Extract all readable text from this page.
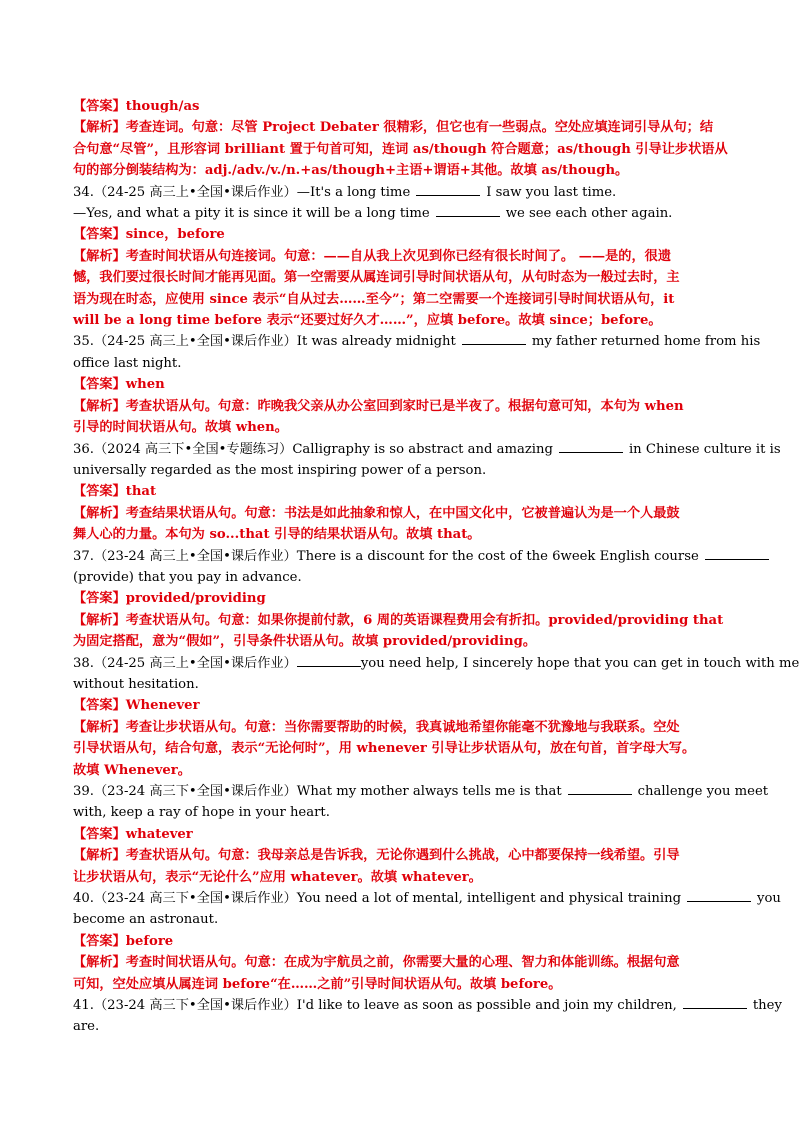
【答案】though/as
【解析】考查连词。句意：尽管 Project Debater 很精彩，但它也有一些弱点。空处应填连词引导从句；结
合句意“尽管”，且形容词 brilliant 置于句首可知，连词 as/though 符合题意；as/though 引导让步状语从
句的部分倒装结构为：adj./adv./v./n.+as/though+主语+谓语+其他。故填 as/though。
34.（24-25 高三上•全国•课后作业）—It's a long time	I saw you last time.
—Yes, and what a pity it is since it will be a long time	we see each other again.
【答案】since，before
【解析】考查时间状语从句连接词。句意：——自从我上次见到你已经有很长时间了。 ——是的，很遗
憾，我们要过很长时间才能再见面。第一空需要从属连词引导时间状语从句，从句时态为一般过去时，主
语为现在时态，应使用 since 表示“自从过去……至今”；第二空需要一个连接词引导时间状语从句，it
will be a long time before 表示“还要过好久才……”，应填 before。故填 since；before。
35.（24-25 高三上•全国•课后作业）It was already midnight	my father returned home from his
office last night.
【答案】when
【解析】考查状语从句。句意：昨晚我父亲从办公室回到家时已是半夜了。根据句意可知，本句为 when
引导的时间状语从句。故填 when。
36.（2024 高三下•全国•专题练习）Calligraphy is so abstract and amazing	in Chinese culture it is
universally regarded as the most inspiring power of a person.
【答案】that
【解析】考查结果状语从句。句意：书法是如此抽象和惊人，在中国文化中，它被普遍认为是一个人最鼓
舞人心的力量。本句为 so...that 引导的结果状语从句。故填 that。
37.（23-24 高三上•全国•课后作业）There is a discount for the cost of the 6week English course
(provide) that you pay in advance.
【答案】provided/providing
【解析】考查状语从句。句意：如果你提前付款，6 周的英语课程费用会有折扣。provided/providing that
为固定搭配，意为“假如”，引导条件状语从句。故填 provided/providing。
38.（24-25 高三上•全国•课后作业）	you need help, I sincerely hope that you can get in touch with me
without hesitation.
【答案】Whenever
【解析】考查让步状语从句。句意：当你需要帮助的时候，我真诚地希望你能毫不犹豫地与我联系。空处
引导状语从句，结合句意，表示“无论何时”，用 whenever 引导让步状语从句，放在句首，首字母大写。
故填 Whenever。
39.（23-24 高三下•全国•课后作业）What my mother always tells me is that	challenge you meet
with, keep a ray of hope in your heart.
【答案】whatever
【解析】考查状语从句。句意：我母亲总是告诉我，无论你遇到什么挑战，心中都要保持一线希望。引导
让步状语从句，表示“无论什么”应用 whatever。故填 whatever。
40.（23-24 高三下•全国•课后作业）You need a lot of mental, intelligent and physical training	you
become an astronaut.
【答案】before
【解析】考查时间状语从句。句意：在成为宇航员之前，你需要大量的心理、智力和体能训练。根据句意
可知，空处应填从属连词 before“在……之前”引导时间状语从句。故填 before。
41.（23-24 高三下•全国•课后作业）I'd like to leave as soon as possible and join my children,	they
are.
